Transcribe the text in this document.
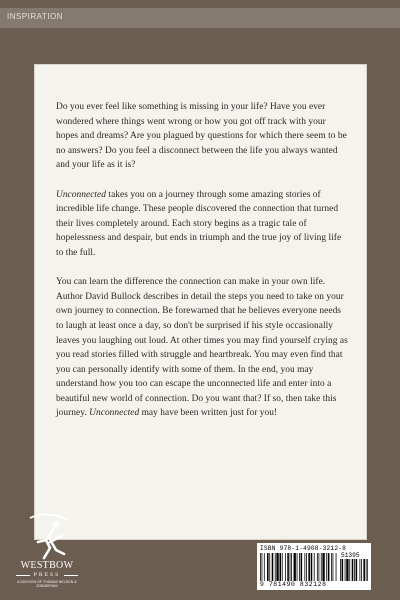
INSPIRATION

Do you ever feel like something is missing in your life? Have you ever wondered where things went wrong or how you got off track with your hopes and dreams? Are you plagued by questions for which there seem to be no answers? Do you feel a disconnect between the life you always wanted and your life as it is?

Unconnected takes you on a journey through some amazing stories of incredible life change. These people discovered the connection that turned their lives completely around. Each story begins as a tragic tale of hopelessness and despair, but ends in triumph and the true joy of living life to the full.

You can learn the difference the connection can make in your own life. Author David Bullock describes in detail the steps you need to take on your own journey to connection. Be forewarned that he believes everyone needs to laugh at least once a day, so don't be surprised if his style occasionally leaves you laughing out loud. At other times you may find yourself crying as you read stories filled with struggle and heartbreak. You may even find that you can personally identify with some of them. In the end, you may understand how you too can escape the unconnected life and enter into a beautiful new world of connection. Do you want that? If so, then take this journey. Unconnected may have been written just for you!

WESTBOW
PRESS
A DIVISION OF THOMAS NELSON & ZONDERVAN
U.S. $13.95
ISBN 978-1-4908-3212-8
51395
9 781490 832128
